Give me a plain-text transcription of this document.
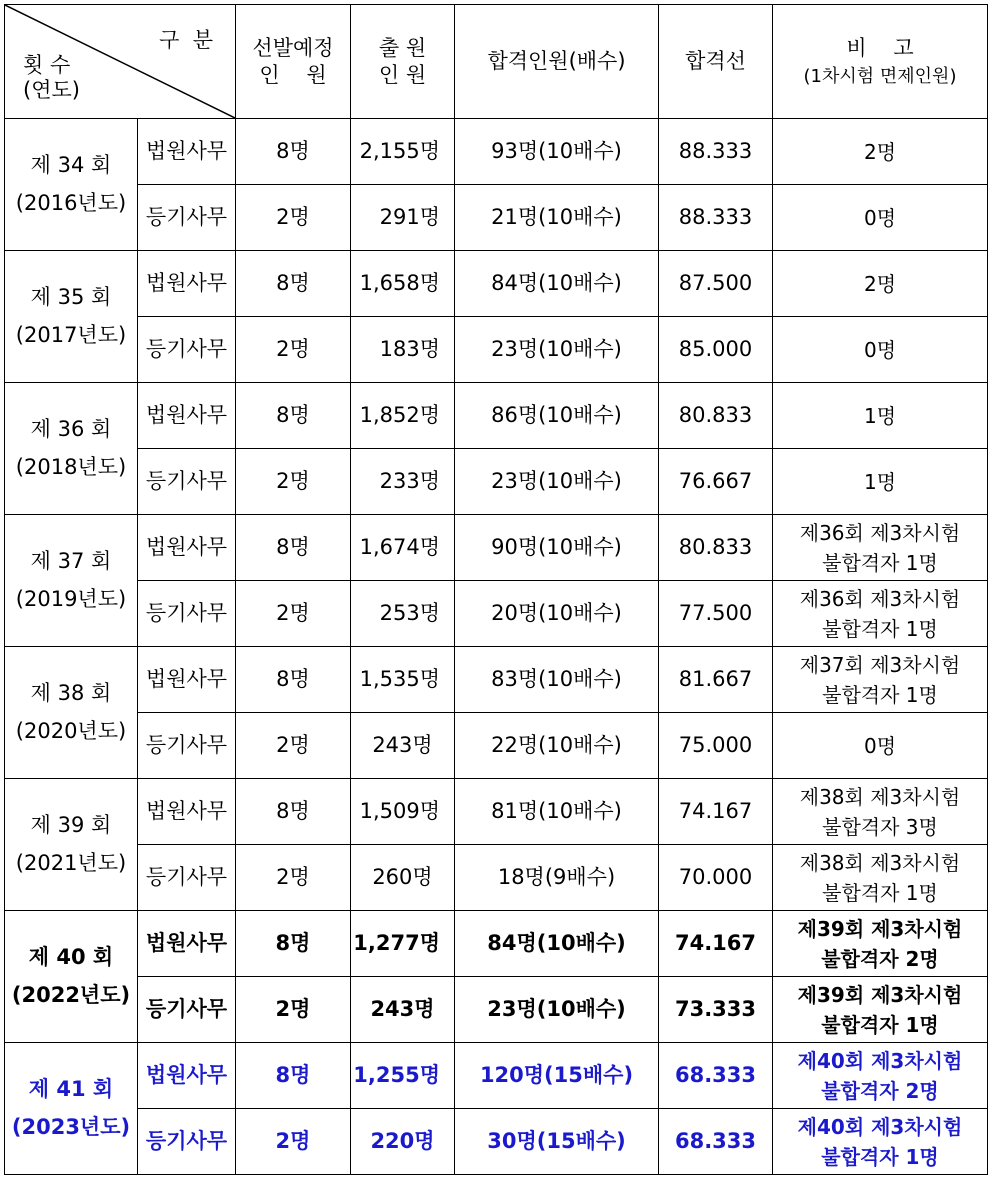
구  분
횟 수
(연도)		선발예정
인    원	출 원
인 원	합격인원(배수)	합격선	비    고
(1차시험 면제인원)
제 34 회
(2016년도)	법원사무	8명	2,155명	93명(10배수)	88.333	2명
	등기사무	2명	291명	21명(10배수)	88.333	0명
제 35 회
(2017년도)	법원사무	8명	1,658명	84명(10배수)	87.500	2명
	등기사무	2명	183명	23명(10배수)	85.000	0명
제 36 회
(2018년도)	법원사무	8명	1,852명	86명(10배수)	80.833	1명
	등기사무	2명	233명	23명(10배수)	76.667	1명
제 37 회
(2019년도)	법원사무	8명	1,674명	90명(10배수)	80.833	제36회 제3차시험
불합격자 1명
	등기사무	2명	253명	20명(10배수)	77.500	제36회 제3차시험
불합격자 1명
제 38 회
(2020년도)	법원사무	8명	1,535명	83명(10배수)	81.667	제37회 제3차시험
불합격자 1명
	등기사무	2명	243명	22명(10배수)	75.000	0명
제 39 회
(2021년도)	법원사무	8명	1,509명	81명(10배수)	74.167	제38회 제3차시험
불합격자 3명
	등기사무	2명	260명	18명(9배수)	70.000	제38회 제3차시험
불합격자 1명
제 40 회
(2022년도)	법원사무	8명	1,277명	84명(10배수)	74.167	제39회 제3차시험
불합격자 2명
	등기사무	2명	243명	23명(10배수)	73.333	제39회 제3차시험
불합격자 1명
제 41 회
(2023년도)	법원사무	8명	1,255명	120명(15배수)	68.333	제40회 제3차시험
불합격자 2명
	등기사무	2명	220명	30명(15배수)	68.333	제40회 제3차시험
불합격자 1명
